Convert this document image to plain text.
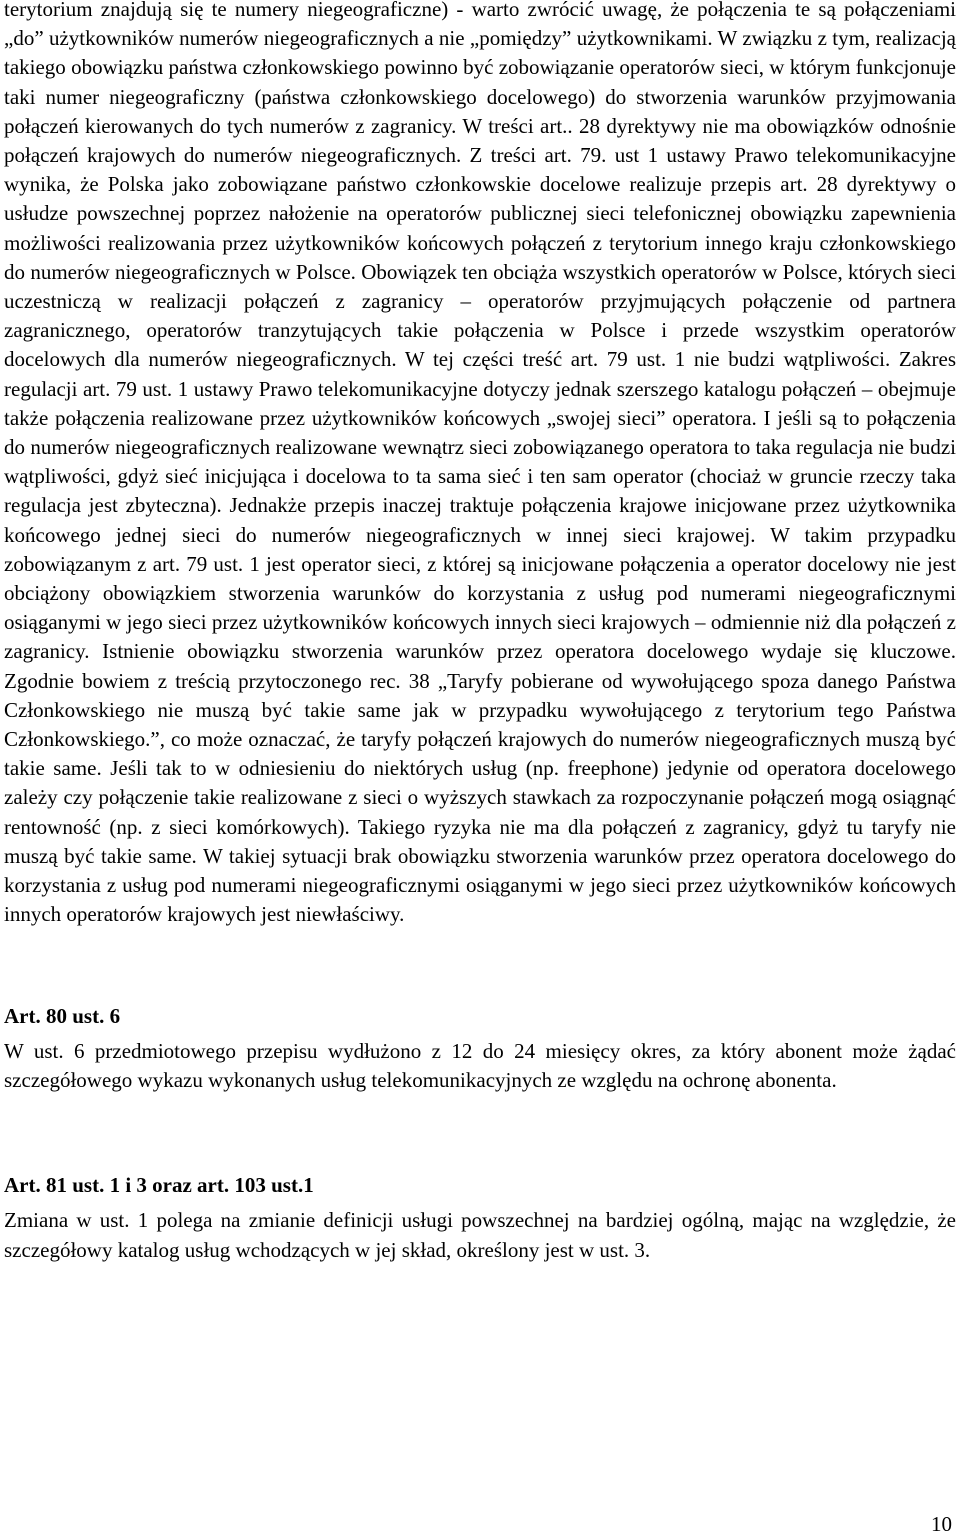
terytorium znajdują się te numery niegeograficzne) - warto zwrócić uwagę, że połączenia te są połączeniami „do” użytkowników numerów niegeograficznych a nie „pomiędzy” użytkownikami. W związku z tym, realizacją takiego obowiązku państwa członkowskiego powinno być zobowiązanie operatorów sieci, w którym funkcjonuje taki numer niegeograficzny (państwa członkowskiego docelowego) do stworzenia warunków przyjmowania połączeń kierowanych do tych numerów z zagranicy. W treści art.. 28 dyrektywy nie ma obowiązków odnośnie połączeń krajowych do numerów niegeograficznych. Z treści art. 79. ust 1 ustawy Prawo telekomunikacyjne wynika, że Polska jako zobowiązane państwo członkowskie docelowe realizuje przepis art. 28 dyrektywy o usłudze powszechnej poprzez nałożenie na operatorów publicznej sieci telefonicznej obowiązku zapewnienia możliwości realizowania przez użytkowników końcowych połączeń z terytorium innego kraju członkowskiego do numerów niegeograficznych w Polsce. Obowiązek ten obciąża wszystkich operatorów w Polsce, których sieci uczestniczą w realizacji połączeń z zagranicy – operatorów przyjmujących połączenie od partnera zagranicznego, operatorów tranzytujących takie połączenia w Polsce i przede wszystkim operatorów docelowych dla numerów niegeograficznych. W tej części treść art. 79 ust. 1 nie budzi wątpliwości. Zakres regulacji art. 79 ust. 1 ustawy Prawo telekomunikacyjne dotyczy jednak szerszego katalogu połączeń – obejmuje także połączenia realizowane przez użytkowników końcowych „swojej sieci” operatora. I jeśli są to połączenia do numerów niegeograficznych realizowane wewnątrz sieci zobowiązanego operatora to taka regulacja nie budzi wątpliwości, gdyż sieć inicjująca i docelowa to ta sama sieć i ten sam operator (chociaż w gruncie rzeczy taka regulacja jest zbyteczna). Jednakże przepis inaczej traktuje połączenia krajowe inicjowane przez użytkownika końcowego jednej sieci do numerów niegeograficznych w innej sieci krajowej. W takim przypadku zobowiązanym z art. 79 ust. 1 jest operator sieci, z której są inicjowane połączenia a operator docelowy nie jest obciążony obowiązkiem stworzenia warunków do korzystania z usług pod numerami niegeograficznymi osiąganymi w jego sieci przez użytkowników końcowych innych sieci krajowych – odmiennie niż dla połączeń z zagranicy. Istnienie obowiązku stworzenia warunków przez operatora docelowego wydaje się kluczowe. Zgodnie bowiem z treścią przytoczonego rec. 38 „Taryfy pobierane od wywołującego spoza danego Państwa Członkowskiego nie muszą być takie same jak w przypadku wywołującego z terytorium tego Państwa Członkowskiego.”, co może oznaczać, że taryfy połączeń krajowych do numerów niegeograficznych muszą być takie same. Jeśli tak to w odniesieniu do niektórych usług (np. freephone) jedynie od operatora docelowego zależy czy połączenie takie realizowane z sieci o wyższych stawkach za rozpoczynanie połączeń mogą osiągnąć rentowność (np. z sieci komórkowych). Takiego ryzyka nie ma dla połączeń z zagranicy, gdyż tu taryfy nie muszą być takie same. W takiej sytuacji brak obowiązku stworzenia warunków przez operatora docelowego do korzystania z usług pod numerami niegeograficznymi osiąganymi w jego sieci przez użytkowników końcowych innych operatorów krajowych jest niewłaściwy.

Art. 80 ust. 6

W ust. 6 przedmiotowego przepisu wydłużono z 12 do 24 miesięcy okres, za który abonent może żądać szczegółowego wykazu wykonanych usług telekomunikacyjnych ze względu na ochronę abonenta.

Art. 81 ust. 1 i 3 oraz art. 103 ust.1

Zmiana w ust. 1 polega na zmianie definicji usługi powszechnej na bardziej ogólną, mając na względzie, że szczegółowy katalog usług wchodzących w jej skład, określony jest w ust. 3.

10
